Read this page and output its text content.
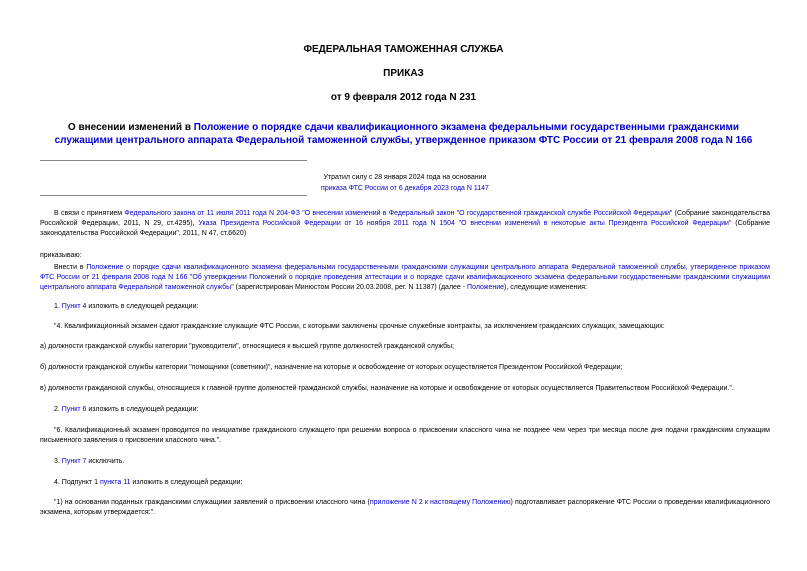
ФЕДЕРАЛЬНАЯ ТАМОЖЕННАЯ СЛУЖБА
ПРИКАЗ
от 9 февраля 2012 года N 231
О внесении изменений в Положение о порядке сдачи квалификационного экзамена федеральными государственными гражданскими служащими центрального аппарата Федеральной таможенной службы, утвержденное приказом ФТС России от 21 февраля 2008 года N 166
Утратил силу с 28 января 2024 года на основании
приказа ФТС России от 6 декабря 2023 года N 1147
В связи с принятием Федерального закона от 11 июля 2011 года N 204-ФЗ "О внесении изменений в Федеральный закон "О государственной гражданской службе Российской Федерации" (Собрание законодательства Российской Федерации, 2011, N 29, ст.4295), Указа Президента Российской Федерации от 16 ноября 2011 года N 1504 "О внесении изменений в некоторые акты Президента Российской Федерации" (Собрание законодательства Российской Федерации", 2011, N 47, ст.6620)
приказываю:
Внести в Положение о порядке сдачи квалификационного экзамена федеральными государственными гражданскими служащими центрального аппарата Федеральной таможенной службы, утвержденное приказом ФТС России от 21 февраля 2008 года N 166 "Об утверждении Положений о порядке проведения аттестации и о порядке сдачи квалификационного экзамена федеральными государственными гражданскими служащими центрального аппарата Федеральной таможенной службы" (зарегистрирован Минюстом России 20.03.2008, рег. N 11387) (далее - Положение), следующие изменения:
1. Пункт 4 изложить в следующей редакции:
"4. Квалификационный экзамен сдают гражданские служащие ФТС России, с которыми заключены срочные служебные контракты, за исключением гражданских служащих, замещающих:
а) должности гражданской службы категории "руководители", относящиеся к высшей группе должностей гражданской службы;
б) должности гражданской службы категории "помощники (советники)", назначение на которые и освобождение от которых осуществляется Президентом Российской Федерации;
в) должности гражданской службы, относящиеся к главной группе должностей гражданской службы, назначение на которые и освобождение от которых осуществляется Правительством Российской Федерации.".
2. Пункт 6 изложить в следующей редакции:
"6. Квалификационный экзамен проводится по инициативе гражданского служащего при решении вопроса о присвоении классного чина не позднее чем через три месяца после дня подачи гражданским служащим письменного заявления о присвоении классного чина.".
3. Пункт 7 исключить.
4. Подпункт 1 пункта 11 изложить в следующей редакции:
"1) на основании поданных гражданскими служащими заявлений о присвоении классного чина (приложение N 2 к настоящему Положению) подготавливает распоряжение ФТС России о проведении квалификационного экзамена, которым утверждается:".
